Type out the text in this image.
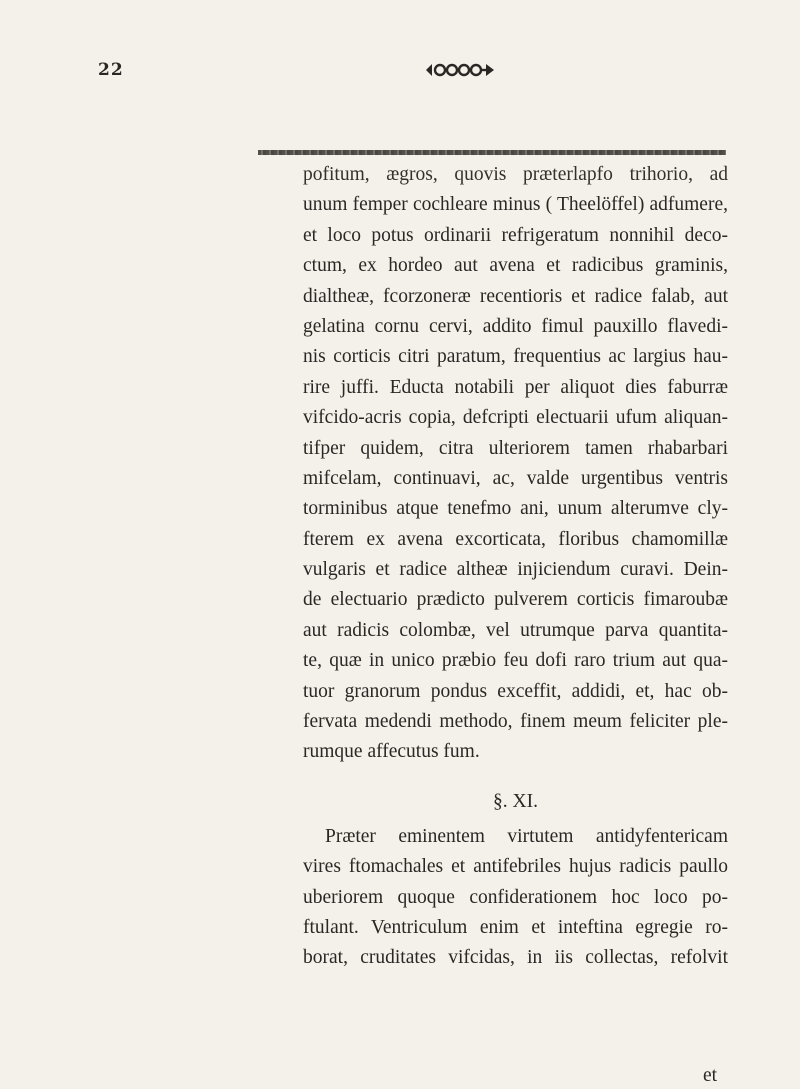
22
pofitum, ægros, quovis præterlapfo trihorio, ad
unum femper cochleare minus ( Theelöffel) adfumere,
et loco potus ordinarii refrigeratum nonnihil deco-
ctum, ex hordeo aut avena et radicibus graminis,
dialtheæ, fcorzoneræ recentioris et radice falab, aut
gelatina cornu cervi, addito fimul pauxillo flavedi-
nis corticis citri paratum, frequentius ac largius hau-
rire juffi. Educta notabili per aliquot dies faburræ
vifcido-acris copia, defcripti electuarii ufum aliquan-
tifper quidem, citra ulteriorem tamen rhabarbari
mifcelam, continuavi, ac, valde urgentibus ventris
torminibus atque tenefmo ani, unum alterumve cly-
fterem ex avena excorticata, floribus chamomillæ
vulgaris et radice altheæ injiciendum curavi. Dein-
de electuario prædicto pulverem corticis fimaroubæ
aut radicis colombæ, vel utrumque parva quantita-
te, quæ in unico præbio feu dofi raro trium aut qua-
tuor granorum pondus exceffit, addidi, et, hac ob-
fervata medendi methodo, finem meum feliciter ple-
rumque affecutus fum.
§. XI.
Præter eminentem virtutem antidyfentericam
vires ftomachales et antifebriles hujus radicis paullo
uberiorem quoque confiderationem hoc loco po-
ftulant. Ventriculum enim et inteftina egregie ro-
borat, cruditates vifcidas, in iis collectas, refolvit
et
